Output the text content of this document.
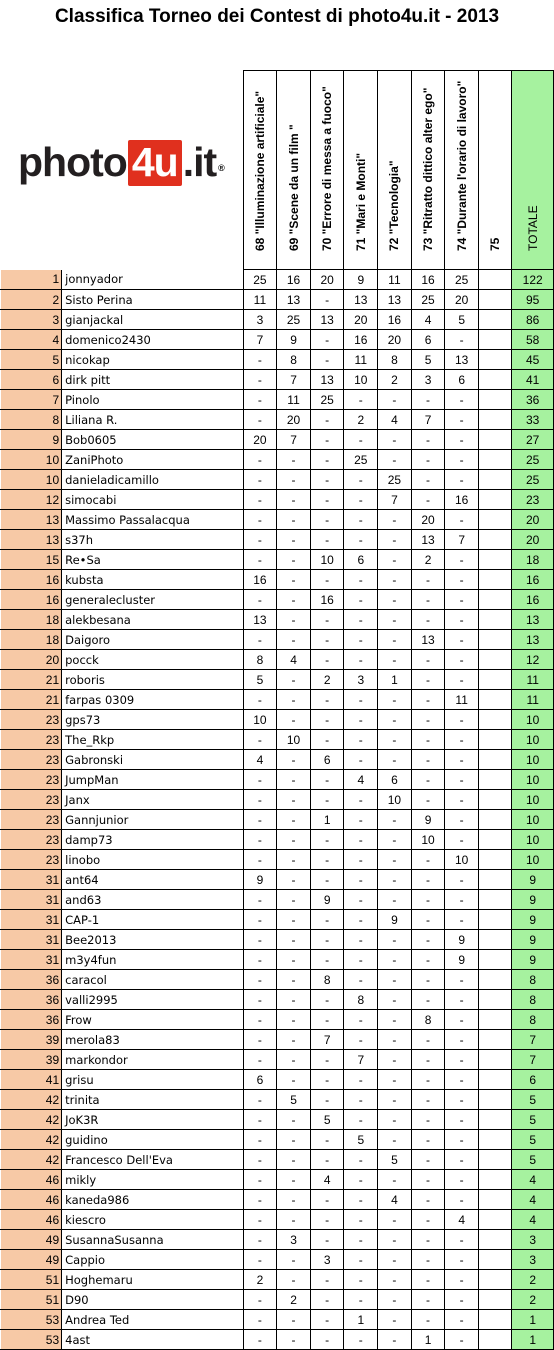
Classifica Torneo dei Contest di photo4u.it - 2013
photo 4u .it ®

		68 "Illuminazione artificiale"	69 "Scene da un film "	70 "Errore di messa a fuoco"	71 "Mari e Monti"	72 "Tecnologia"	73 "Ritratto dittico alter ego"	74 "Durante l'orario di lavoro"	75	TOTALE

1	jonnyador	25	16	20	9	11	16	25		122
2	Sisto Perina	11	13	-	13	13	25	20		95
3	gianjackal	3	25	13	20	16	4	5		86
4	domenico2430	7	9	-	16	20	6	-		58
5	nicokap	-	8	-	11	8	5	13		45
6	dirk pitt	-	7	13	10	2	3	6		41
7	Pinolo	-	11	25	-	-	-	-		36
8	Liliana R.	-	20	-	2	4	7	-		33
9	Bob0605	20	7	-	-	-	-	-		27
10	ZaniPhoto	-	-	-	25	-	-	-		25
10	danieladicamillo	-	-	-	-	25	-	-		25
12	simocabi	-	-	-	-	7	-	16		23
13	Massimo Passalacqua	-	-	-	-	-	20	-		20
13	s37h	-	-	-	-	-	13	7		20
15	Re•Sa	-	-	10	6	-	2	-		18
16	kubsta	16	-	-	-	-	-	-		16
16	generalecluster	-	-	16	-	-	-	-		16
18	alekbesana	13	-	-	-	-	-	-		13
18	Daigoro	-	-	-	-	-	13	-		13
20	pocck	8	4	-	-	-	-	-		12
21	roboris	5	-	2	3	1	-	-		11
21	farpas 0309	-	-	-	-	-	-	11		11
23	gps73	10	-	-	-	-	-	-		10
23	The_Rkp	-	10	-	-	-	-	-		10
23	Gabronski	4	-	6	-	-	-	-		10
23	JumpMan	-	-	-	4	6	-	-		10
23	Janx	-	-	-	-	10	-	-		10
23	Gannjunior	-	-	1	-	-	9	-		10
23	damp73	-	-	-	-	-	10	-		10
23	linobo	-	-	-	-	-	-	10		10
31	ant64	9	-	-	-	-	-	-		9
31	and63	-	-	9	-	-	-	-		9
31	CAP-1	-	-	-	-	9	-	-		9
31	Bee2013	-	-	-	-	-	-	9		9
31	m3y4fun	-	-	-	-	-	-	9		9
36	caracol	-	-	8	-	-	-	-		8
36	valli2995	-	-	-	8	-	-	-		8
36	Frow	-	-	-	-	-	8	-		8
39	merola83	-	-	7	-	-	-	-		7
39	markondor	-	-	-	7	-	-	-		7
41	grisu	6	-	-	-	-	-	-		6
42	trinita	-	5	-	-	-	-	-		5
42	JoK3R	-	-	5	-	-	-	-		5
42	guidino	-	-	-	5	-	-	-		5
42	Francesco Dell'Eva	-	-	-	-	5	-	-		5
46	mikly	-	-	4	-	-	-	-		4
46	kaneda986	-	-	-	-	4	-	-		4
46	kiescro	-	-	-	-	-	-	4		4
49	SusannaSusanna	-	3	-	-	-	-	-		3
49	Cappio	-	-	3	-	-	-	-		3
51	Hoghemaru	2	-	-	-	-	-	-		2
51	D90	-	2	-	-	-	-	-		2
53	Andrea Ted	-	-	-	1	-	-	-		1
53	4ast	-	-	-	-	-	1	-		1
